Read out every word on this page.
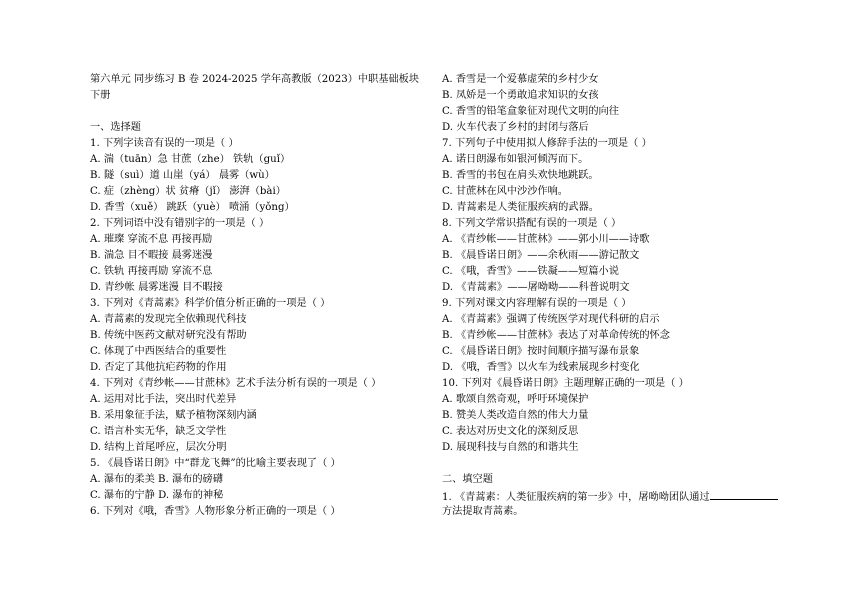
第六单元 同步练习 B 卷 2024-2025 学年高教版（2023）中职基础板块
下册
一、选择题
1. 下列字读音有误的一项是（ ）
A. 湍（tuān）急 甘蔗（zhe） 铁轨（guǐ）
B. 隧（suì）道 山崖（yá） 晨雾（wù）
C. 症（zhèng）状 贫瘠（jǐ） 澎湃（bài）
D. 香雪（xuě） 跳跃（yuè） 喷涌（yǒng）
2. 下列词语中没有错别字的一项是（ ）
A. 璀璨 穿流不息 再接再励
B. 湍急 目不暇接 晨雾迷漫
C. 铁轨 再接再励 穿流不息
D. 青纱帐 晨雾迷漫 目不暇接
3. 下列对《青蒿素》科学价值分析正确的一项是（ ）
A. 青蒿素的发现完全依赖现代科技
B. 传统中医药文献对研究没有帮助
C. 体现了中西医结合的重要性
D. 否定了其他抗疟药物的作用
4. 下列对《青纱帐——甘蔗林》艺术手法分析有误的一项是（ ）
A. 运用对比手法，突出时代差异
B. 采用象征手法，赋予植物深刻内涵
C. 语言朴实无华，缺乏文学性
D. 结构上首尾呼应，层次分明
5. 《晨昏诺日朗》中“群龙飞舞”的比喻主要表现了（ ）
A. 瀑布的柔美 B. 瀑布的磅礴
C. 瀑布的宁静 D. 瀑布的神秘
6. 下列对《哦，香雪》人物形象分析正确的一项是（ ）
A. 香雪是一个爱慕虚荣的乡村少女
B. 凤娇是一个勇敢追求知识的女孩
C. 香雪的铅笔盒象征对现代文明的向往
D. 火车代表了乡村的封闭与落后
7. 下列句子中使用拟人修辞手法的一项是（ ）
A. 诺日朗瀑布如银河倾泻而下。
B. 香雪的书包在肩头欢快地跳跃。
C. 甘蔗林在风中沙沙作响。
D. 青蒿素是人类征服疾病的武器。
8. 下列文学常识搭配有误的一项是（ ）
A. 《青纱帐——甘蔗林》——郭小川——诗歌
B. 《晨昏诺日朗》——余秋雨——游记散文
C. 《哦，香雪》——铁凝——短篇小说
D. 《青蒿素》——屠呦呦——科普说明文
9. 下列对课文内容理解有误的一项是（ ）
A. 《青蒿素》强调了传统医学对现代科研的启示
B. 《青纱帐——甘蔗林》表达了对革命传统的怀念
C. 《晨昏诺日朗》按时间顺序描写瀑布景象
D. 《哦，香雪》以火车为线索展现乡村变化
10. 下列对《晨昏诺日朗》主题理解正确的一项是（ ）
A. 歌颂自然奇观，呼吁环境保护
B. 赞美人类改造自然的伟大力量
C. 表达对历史文化的深刻反思
D. 展现科技与自然的和谐共生
二、填空题
1. 《青蒿素：人类征服疾病的第一步》中，屠呦呦团队通过
方法提取青蒿素。
